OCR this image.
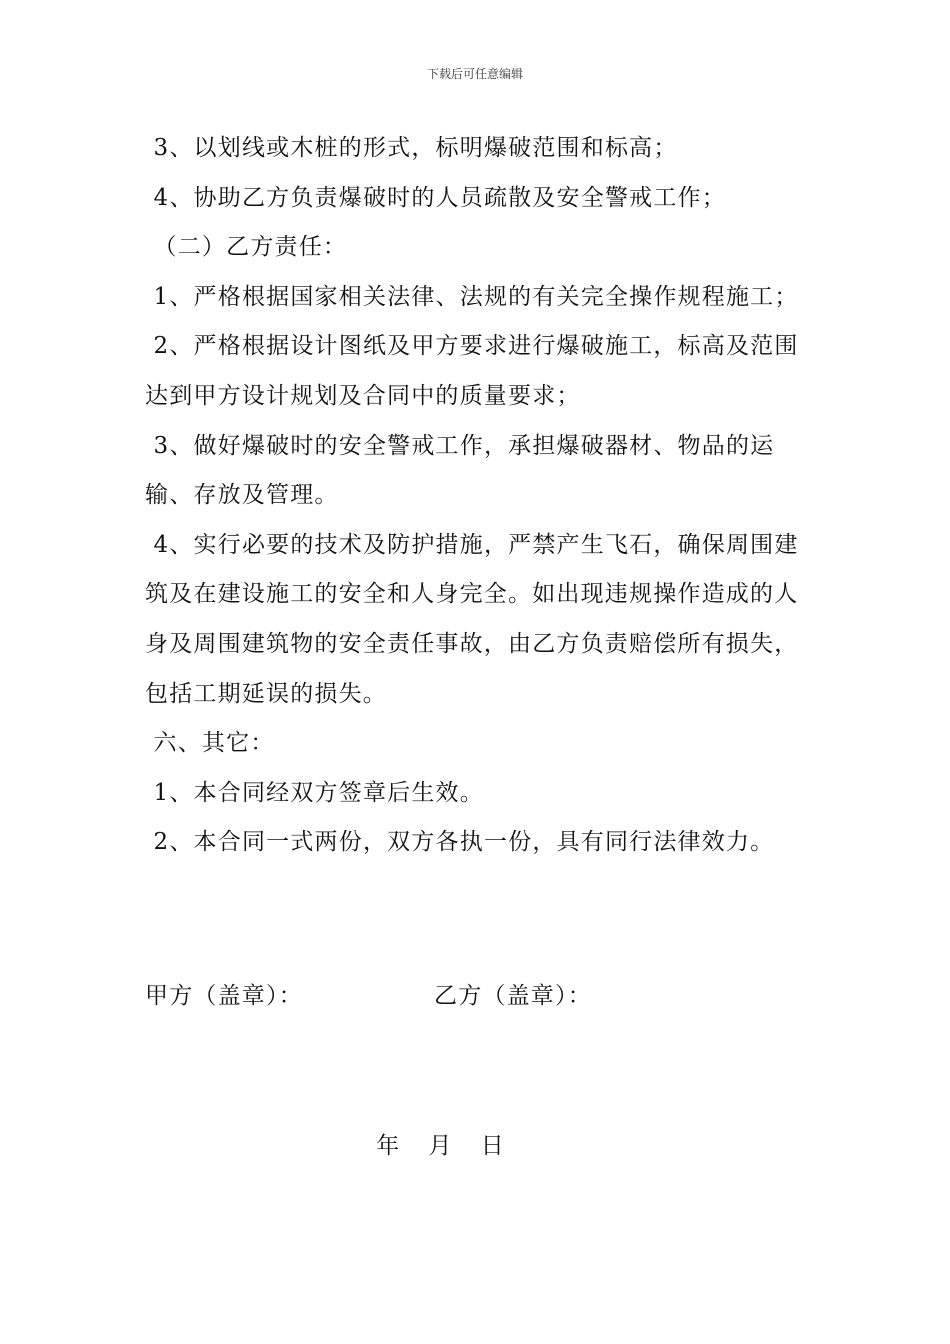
下载后可任意编辑

3、以划线或木桩的形式，标明爆破范围和标高；

4、协助乙方负责爆破时的人员疏散及安全警戒工作；

（二）乙方责任：

1、严格根据国家相关法律、法规的有关完全操作规程施工；

2、严格根据设计图纸及甲方要求进行爆破施工，标高及范围达到甲方设计规划及合同中的质量要求；

3、做好爆破时的安全警戒工作，承担爆破器材、物品的运输、存放及管理。

4、实行必要的技术及防护措施，严禁产生飞石，确保周围建筑及在建设施工的安全和人身完全。如出现违规操作造成的人身及周围建筑物的安全责任事故，由乙方负责赔偿所有损失，包括工期延误的损失。

六、其它：

1、本合同经双方签章后生效。

2、本合同一式两份，双方各执一份，具有同行法律效力。

甲方（盖章）：	乙方（盖章）：
年    月    日
